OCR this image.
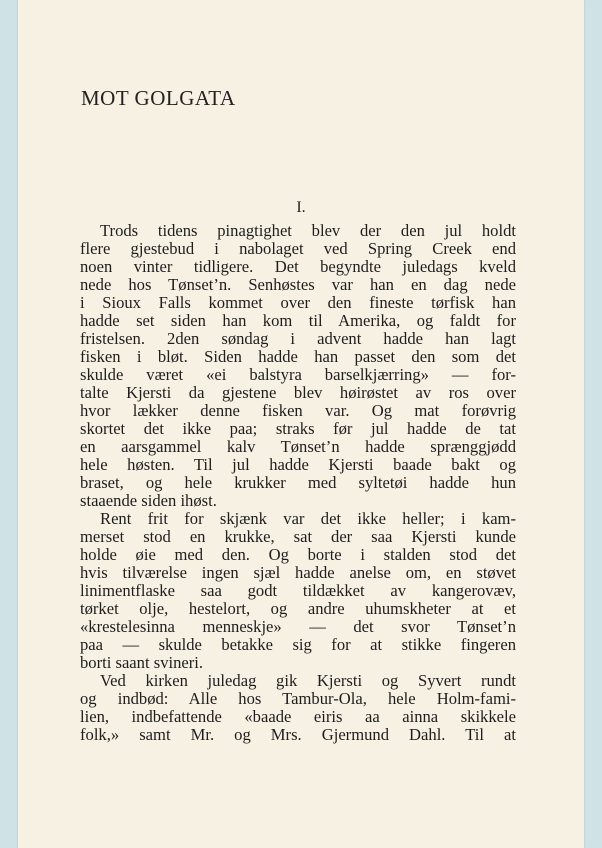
MOT GOLGATA
I.
Trods tidens pinagtighet blev der den jul holdt
flere gjestebud i nabolaget ved Spring Creek end
noen vinter tidligere. Det begyndte juledags kveld
nede hos Tønset’n. Senhøstes var han en dag nede
i Sioux Falls kommet over den fineste tørfisk han
hadde set siden han kom til Amerika, og faldt for
fristelsen. 2den søndag i advent hadde han lagt
fisken i bløt. Siden hadde han passet den som det
skulde været «ei balstyra barselkjærring» — for-
talte Kjersti da gjestene blev høirøstet av ros over
hvor lækker denne fisken var. Og mat forøvrig
skortet det ikke paa; straks før jul hadde de tat
en aarsgammel kalv Tønset’n hadde sprænggjødd
hele høsten. Til jul hadde Kjersti baade bakt og
braset, og hele krukker med syltetøi hadde hun
staaende siden ihøst.
Rent frit for skjænk var det ikke heller; i kam-
merset stod en krukke, sat der saa Kjersti kunde
holde øie med den. Og borte i stalden stod det
hvis tilværelse ingen sjæl hadde anelse om, en støvet
linimentflaske saa godt tildækket av kangerovæv,
tørket olje, hestelort, og andre uhumskheter at et
«krestelesinna menneskje» — det svor Tønset’n
paa — skulde betakke sig for at stikke fingeren
borti saant svineri.
Ved kirken juledag gik Kjersti og Syvert rundt
og indbød: Alle hos Tambur-Ola, hele Holm-fami-
lien, indbefattende «baade eiris aa ainna skikkele
folk,» samt Mr. og Mrs. Gjermund Dahl. Til at
